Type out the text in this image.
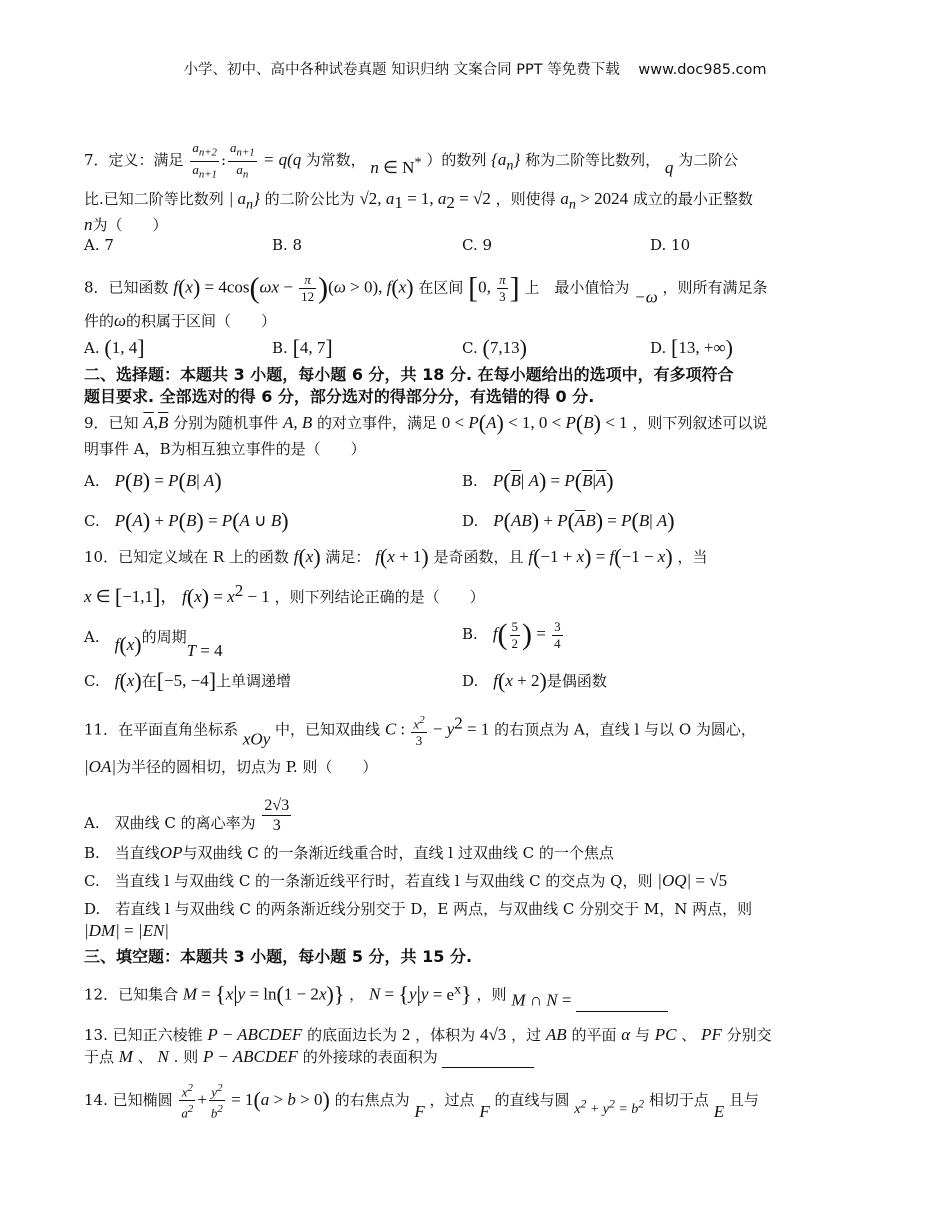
小学、初中、高中各种试卷真题 知识归纳 文案合同 PPT 等免费下载 www.doc985.com
7．定义：满足 $\frac{a_{n+2}}{a_{n+1}}$ : $\frac{a_{n+1}}{a_n} = q(q$ 为常数， n ∈ N* ）的数列 $\{a_n\}$ 称为二阶等比数列， q 为二阶公
比.已知二阶等比数列 | $a_n$} 的二阶公比为 √2, $a_1 = 1$, $a_2 = √2$ ，则使得 $a_n > 2024$ 成立的最小正整数
n为（　　）
A. 7	B. 8	C. 9	D. 10
8．已知函数 $f(x) = 4\cos(\omega x - \frac{\pi}{12} )(\omega > 0)$, f(x) 在区间 [0, $\frac{\pi}{3}$ ] 上　最小值恰为 −ω ，则所有满足条
件的ω的积属于区间（　　）
A. (1, 4]	B. [4, 7]	C. (7,13)	D. [13, +∞)
二、选择题：本题共 3 小题，每小题 6 分，共 18 分. 在每小题给出的选项中，有多项符合
题目要求. 全部选对的得 6 分，部分选对的得部分分，有选错的得 0 分.
9．已知 $\overline{A},\overline{B}$ 分别为随机事件 A, B 的对立事件，满足 0 < P(A) < 1, 0 < P(B) < 1 ，则下列叙述可以说
明事件 A，B为相互独立事件的是（　　）
A.　 P(B) = P(B| A)	B.　 $P(\overline{B}|$ $A) = P(\overline{B}|\overline{A})$
C.　 P(A) + P(B) = P(A ∪ B)	D.　 $P(AB) + P(\overline{A}B) = P(B|$ A)
10．已知定义域在 R 上的函数 f(x) 满足： f(x + 1) 是奇函数，且 f(−1 + x) = f(−1 − x) ，当
x ∈ [−1,1]， $f(x) = x^2 - 1$ ，则下列结论正确的是（　　）
A.　 f(x)的周期T = 4
B.　 $f( \frac{5}{2}$ ) = $\frac{3}{4}$
C.　 f(x)在[−5, −4]上单调递增	D.　 f(x + 2)是偶函数
11．在平面直角坐标系 xOy 中，已知双曲线 C : $\frac{x^2}{3} - y^2 = 1$ 的右顶点为 A，直线 l 与以 O 为圆心，
|OA|为半径的圆相切，切点为 P. 则（　　）
A.　双曲线 C 的离心率为 $\frac{2√3}{3}$
B.　当直线OP与双曲线 C 的一条渐近线重合时，直线 l 过双曲线 C 的一个焦点
C.　当直线 l 与双曲线 C 的一条渐近线平行时，若直线 l 与双曲线 C 的交点为 Q，则 |OQ| = √5
D.　若直线 l 与双曲线 C 的两条渐近线分别交于 D，E 两点，与双曲线 C 分别交于 M，N 两点，则
|DM| = |EN|
三、填空题：本题共 3 小题，每小题 5 分，共 15 分.
12．已知集合 M = {x|y = ln(1 − 2x)} ， $N = \{y|y = e^x\}$ ，则 M ∩ N =
13. 已知正六棱锥 P − ABCDEF 的底面边长为 2 ，体积为 4√3 ，过 AB 的平面 α 与 PC 、 PF 分别交
于点 M 、 N . 则 P − ABCDEF 的外接球的表面积为
14. 已知椭圆 $\frac{x^2}{a^2} + \frac{y^2}{b^2} = 1(a > b > 0)$ 的右焦点为 F ，过点 F 的直线与圆 $x^2 + y^2 = b^2$ 相切于点 E 且与
